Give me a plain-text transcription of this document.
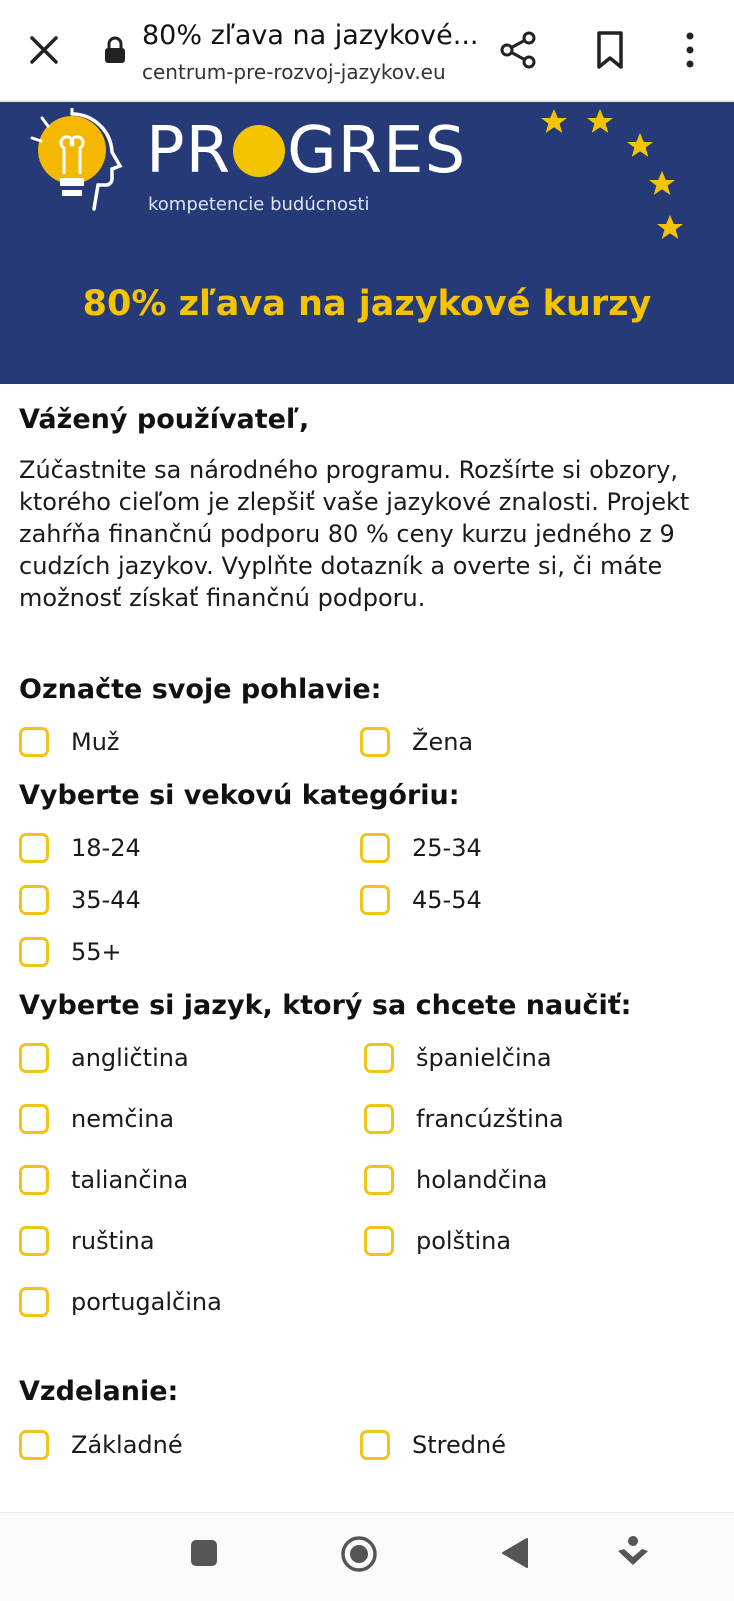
80% zľava na jazykové...
centrum-pre-rozvoj-jazykov.eu
PR GRES
kompetencie budúcnosti
80% zľava na jazykové kurzy
Vážený používateľ,
Zúčastnite sa národného programu. Rozšírte si obzory, ktorého cieľom je zlepšiť vaše jazykové znalosti. Projekt zahŕňa finančnú podporu 80 % ceny kurzu jedného z 9 cudzích jazykov. Vyplňte dotazník a overte si, či máte možnosť získať finančnú podporu.
Označte svoje pohlavie:
Muž	Žena
Vyberte si vekovú kategóriu:
18-24	25-34
35-44	45-54
55+
Vyberte si jazyk, ktorý sa chcete naučiť:
angličtina	španielčina
nemčina	francúzština
taliančina	holandčina
ruština	polština
portugalčina
Vzdelanie:
Základné	Stredné
